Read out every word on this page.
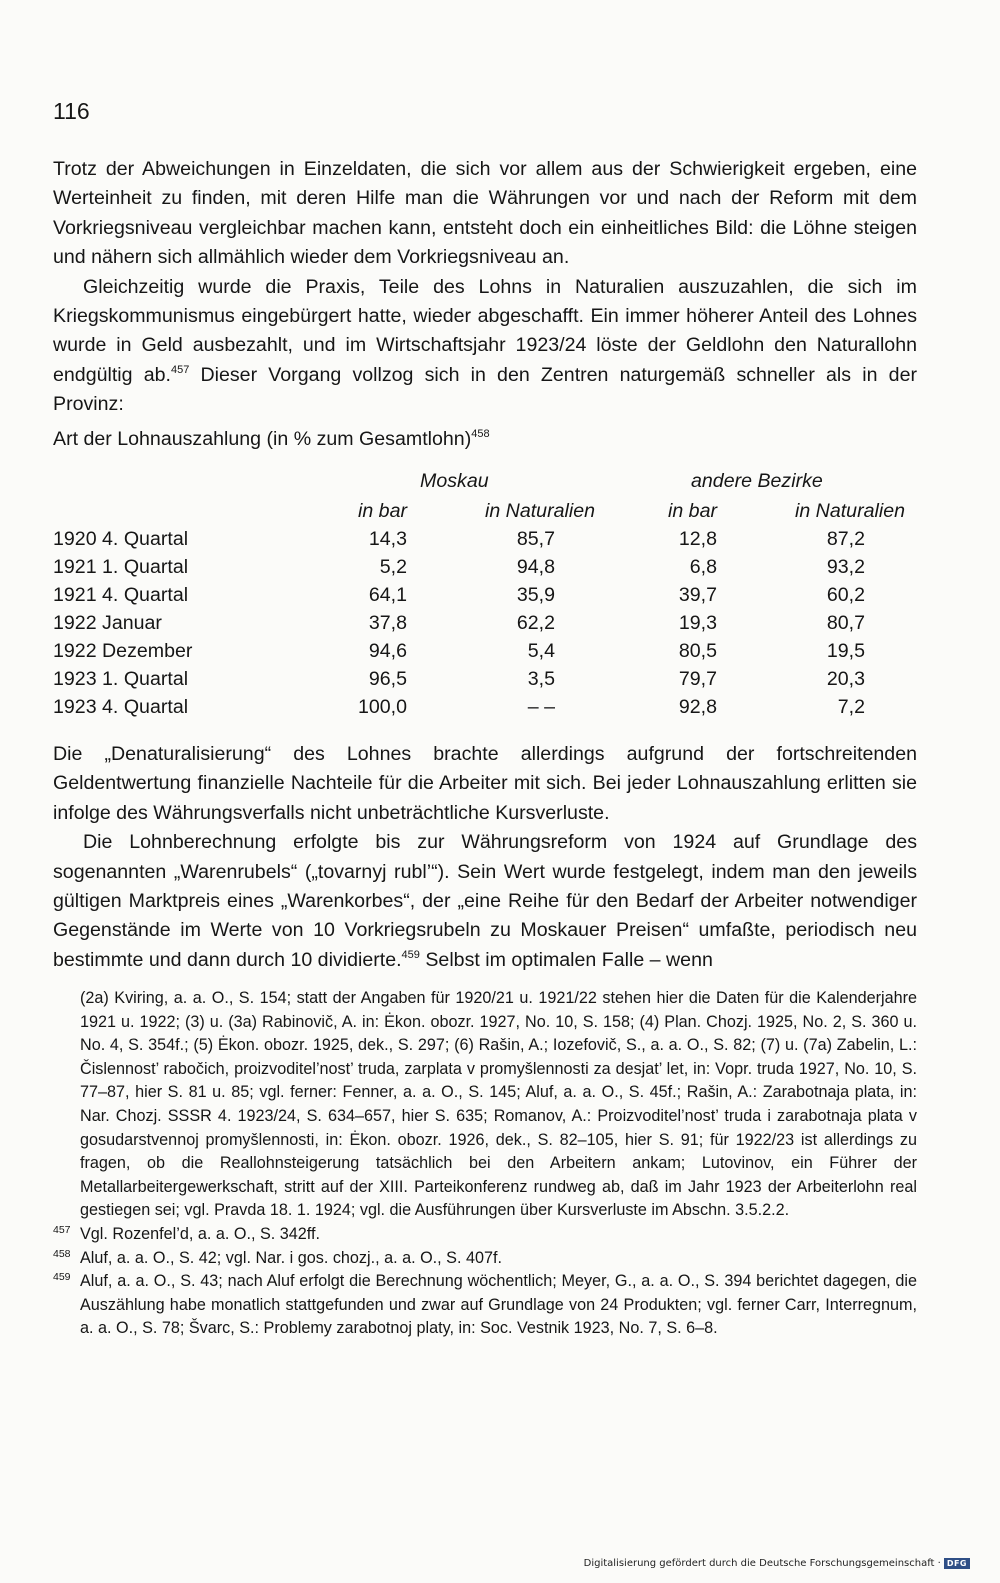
116

Trotz der Abweichungen in Einzeldaten, die sich vor allem aus der Schwierigkeit ergeben, eine Werteinheit zu finden, mit deren Hilfe man die Währungen vor und nach der Reform mit dem Vorkriegsniveau vergleichbar machen kann, entsteht doch ein einheitliches Bild: die Löhne steigen und nähern sich allmählich wieder dem Vorkriegsniveau an.

Gleichzeitig wurde die Praxis, Teile des Lohns in Naturalien auszuzahlen, die sich im Kriegskommunismus eingebürgert hatte, wieder abgeschafft. Ein immer höherer Anteil des Lohnes wurde in Geld ausbezahlt, und im Wirtschaftsjahr 1923/24 löste der Geldlohn den Naturallohn endgültig ab.$^{457}$ Dieser Vorgang vollzog sich in den Zentren naturgemäß schneller als in der Provinz:

Art der Lohnauszahlung (in % zum Gesamtlohn)$^{458}$
Moskau	andere Bezirke
in bar	in Naturalien	in bar	in Naturalien
1920 4. Quartal	14,3	85,7	12,8	87,2
1921 1. Quartal	5,2	94,8	6,8	93,2
1921 4. Quartal	64,1	35,9	39,7	60,2
1922 Januar	37,8	62,2	19,3	80,7
1922 Dezember	94,6	5,4	80,5	19,5
1923 1. Quartal	96,5	3,5	79,7	20,3
1923 4. Quartal	100,0	– –	92,8	7,2

Die „Denaturalisierung“ des Lohnes brachte allerdings aufgrund der fortschreitenden Geldentwertung finanzielle Nachteile für die Arbeiter mit sich. Bei jeder Lohnauszahlung erlitten sie infolge des Währungsverfalls nicht unbeträchtliche Kursverluste.

Die Lohnberechnung erfolgte bis zur Währungsreform von 1924 auf Grundlage des sogenannten „Warenrubels“ („tovarnyj rubl’“). Sein Wert wurde festgelegt, indem man den jeweils gültigen Marktpreis eines „Warenkorbes“, der „eine Reihe für den Bedarf der Arbeiter notwendiger Gegenstände im Werte von 10 Vorkriegsrubeln zu Moskauer Preisen“ umfaßte, periodisch neu bestimmte und dann durch 10 dividierte.$^{459}$ Selbst im optimalen Falle – wenn

(2a) Kviring, a. a. O., S. 154; statt der Angaben für 1920/21 u. 1921/22 stehen hier die Daten für die Kalenderjahre 1921 u. 1922; (3) u. (3a) Rabinovič, A. in: Ėkon. obozr. 1927, No. 10, S. 158; (4) Plan. Chozj. 1925, No. 2, S. 360 u. No. 4, S. 354f.; (5) Ėkon. obozr. 1925, dek., S. 297; (6) Rašin, A.; Iozefovič, S., a. a. O., S. 82; (7) u. (7a) Zabelin, L.: Čislennost’ rabočich, proizvoditel’nost’ truda, zarplata v promyšlennosti za desjat’ let, in: Vopr. truda 1927, No. 10, S. 77–87, hier S. 81 u. 85; vgl. ferner: Fenner, a. a. O., S. 145; Aluf, a. a. O., S. 45f.; Rašin, A.: Zarabotnaja plata, in: Nar. Chozj. SSSR 4. 1923/24, S. 634–657, hier S. 635; Romanov, A.: Proizvoditel’nost’ truda i zarabotnaja plata v gosudarstvennoj promyšlennosti, in: Ėkon. obozr. 1926, dek., S. 82–105, hier S. 91; für 1922/23 ist allerdings zu fragen, ob die Reallohnsteigerung tatsächlich bei den Arbeitern ankam; Lutovinov, ein Führer der Metallarbeitergewerkschaft, stritt auf der XIII. Parteikonferenz rundweg ab, daß im Jahr 1923 der Arbeiterlohn real gestiegen sei; vgl. Pravda 18. 1. 1924; vgl. die Ausführungen über Kursverluste im Abschn. 3.5.2.2.

457 Vgl. Rozenfel’d, a. a. O., S. 342ff.

458 Aluf, a. a. O., S. 42; vgl. Nar. i gos. chozj., a. a. O., S. 407f.

459 Aluf, a. a. O., S. 43; nach Aluf erfolgt die Berechnung wöchentlich; Meyer, G., a. a. O., S. 394 berichtet dagegen, die Auszählung habe monatlich stattgefunden und zwar auf Grundlage von 24 Produkten; vgl. ferner Carr, Interregnum, a. a. O., S. 78; Švarc, S.: Problemy zarabotnoj platy, in: Soc. Vestnik 1923, No. 7, S. 6–8.

Digitalisierung gefördert durch die Deutsche Forschungsgemeinschaft · DFG
